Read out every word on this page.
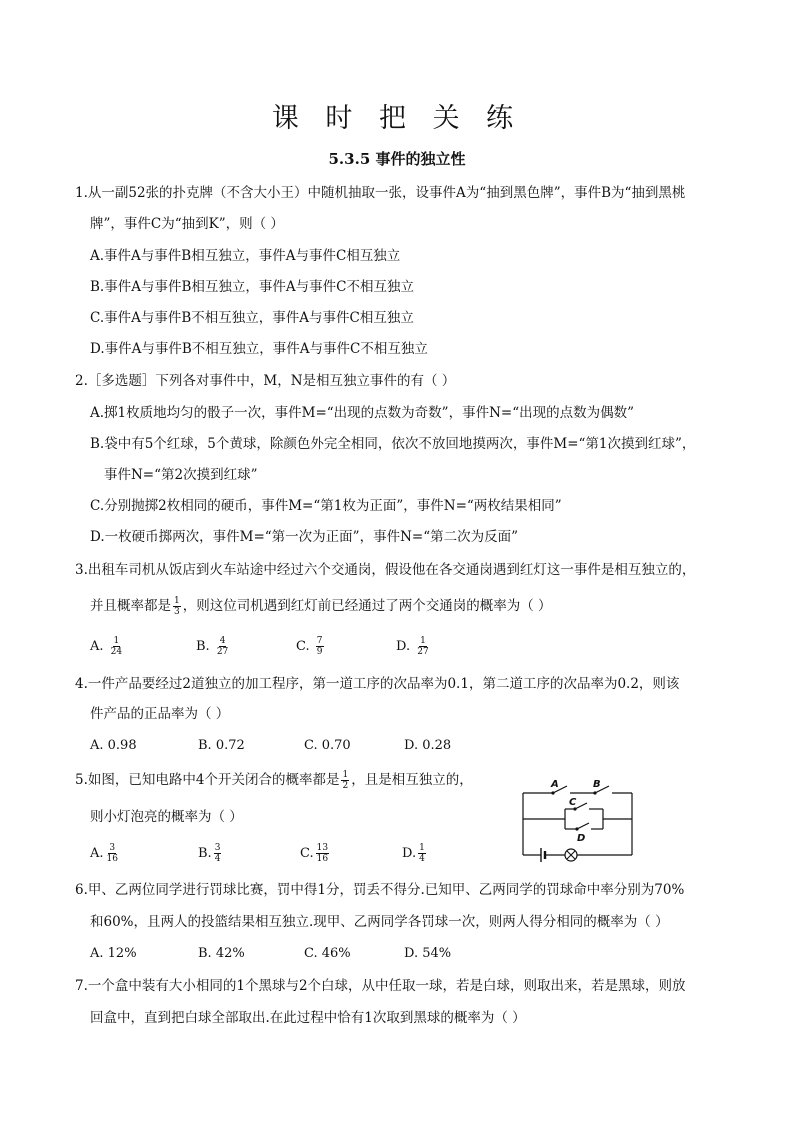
课 时 把 关 练
5.3.5 事件的独立性
1.从一副52张的扑克牌（不含大小王）中随机抽取一张，设事件A为“抽到黑色牌”，事件B为“抽到黑桃
牌”，事件C为“抽到K”，则（ ）
A.事件A与事件B相互独立，事件A与事件C相互独立
B.事件A与事件B相互独立，事件A与事件C不相互独立
C.事件A与事件B不相互独立，事件A与事件C相互独立
D.事件A与事件B不相互独立，事件A与事件C不相互独立
2.［多选题］下列各对事件中，M，N是相互独立事件的有（ ）
A.掷1枚质地均匀的骰子一次，事件M=“出现的点数为奇数”，事件N=“出现的点数为偶数”
B.袋中有5个红球，5个黄球，除颜色外完全相同，依次不放回地摸两次，事件M=“第1次摸到红球”，
事件N=“第2次摸到红球”
C.分别抛掷2枚相同的硬币，事件M=“第1枚为正面”，事件N=“两枚结果相同”
D.一枚硬币掷两次，事件M=“第一次为正面”，事件N=“第二次为反面”
3.出租车司机从饭店到火车站途中经过六个交通岗，假设他在各交通岗遇到红灯这一事件是相互独立的，
并且概率都是 $\frac{1}{3}$ ，则这位司机遇到红灯前已经通过了两个交通岗的概率为（ ）
A. $\frac{1}{24}$	B. $\frac{4}{27}$	C. $\frac{7}{9}$	D. $\frac{1}{27}$
4.一件产品要经过2道独立的加工程序，第一道工序的次品率为0.1，第二道工序的次品率为0.2，则该
件产品的正品率为（ ）
A. 0.98	B. 0.72	C. 0.70	D. 0.28
5.如图，已知电路中4个开关闭合的概率都是 $\frac{1}{2}$ ，且是相互独立的，
则小灯泡亮的概率为（ ）
A. $\frac{3}{16}$	B. $\frac{3}{4}$	C. $\frac{13}{16}$	D. $\frac{1}{4}$
A	B
C
D
6.甲、乙两位同学进行罚球比赛，罚中得1分，罚丢不得分.已知甲、乙两同学的罚球命中率分别为70%
和60%，且两人的投篮结果相互独立.现甲、乙两同学各罚球一次，则两人得分相同的概率为（ ）
A. 12%	B. 42%	C. 46%	D. 54%
7.一个盒中装有大小相同的1个黑球与2个白球，从中任取一球，若是白球，则取出来，若是黑球，则放
回盒中，直到把白球全部取出.在此过程中恰有1次取到黑球的概率为（ ）
